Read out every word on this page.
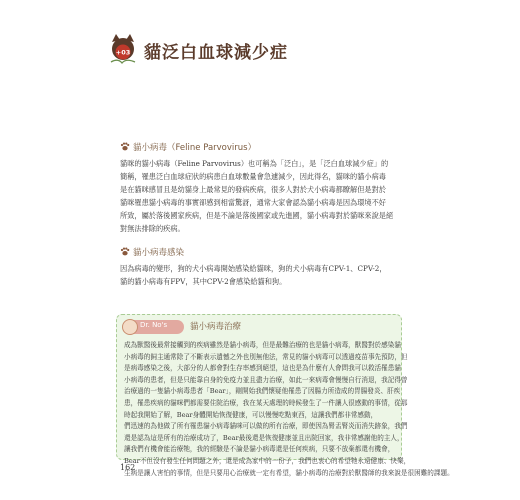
+03 貓泛白血球減少症
貓小病毒（Feline Parvovirus）
貓咪的貓小病毒（Feline Parvovirus）也可稱為「泛白」，是「泛白血球減少症」的
簡稱，罹患泛白血球症狀的病患白血球數量會急遽減少，因此得名，貓咪的貓小病毒
是在貓咪感冒且是幼貓身上最常見的發病疾病，很多人對於犬小病毒都瞭解但是對於
貓咪罹患貓小病毒的事實卻感到相當驚訝，通常大家會認為貓小病毒是因為環境不好
所致，屬於落後國家疾病，但是不論是落後國家或先進國，貓小病毒對於貓咪來說是絕
對無法排除的疾病。
貓小病毒感染
因為病毒的變形，狗的犬小病毒開始感染給貓咪，狗的犬小病毒有CPV-1、CPV-2，
貓的貓小病毒有FPV，其中CPV-2會感染給貓和狗。
Dr. No's	貓小病毒治療
成為獸醫後最常接觸到的疾病雖然是貓小病毒，但是最難治療的也是貓小病毒，獸醫對於感染貓
小病毒的飼主通常除了不斷表示遺憾之外也別無他法，常見的貓小病毒可以透過疫苗事先預防，但
是病毒感染之後，大部分的人都會對生存率感到絕望，這也是為什麼有人會問我可以救活罹患貓
小病毒的患者，但是只能靠自身的免疫力並且盡力治療，如此一來病毒會慢慢自行消退，我記得曾
治療過的一隻貓小病毒患者「Bear」，剛開始我們懷疑他罹患了因腸力所造成的胃腸發炎、肝疾
患，罹患疾病的貓咪們都需要住院治療，我在某天處理的時候發生了一件讓人很感動的事情，從那
時起我開始了解，Bear身體開始恢復健康，可以慢慢吃點東西，這讓我們都非常感動，
們迅速的為他做了所有罹患貓小病毒貓咪可以做的所有治療，即使因為腎盂腎炎而消失跡象，我們
還是認為這是所有的治療成功了，Bear最後還是恢復健康並且出院回家，我非常感謝他的主人，
讓我們有機會能治療牠，我的經驗是不論是貓小病毒還是任何疾病，只要不放棄都還有機會，
Bear不但沒有發生任何問題之外，還是成為家中的一份子，我們也衷心的希望牠永遠健康、快樂，
生病是讓人害怕的事情，但是只要用心治療就一定有希望，貓小病毒的治療對於獸醫師的我來說是很困難的課題。
162
